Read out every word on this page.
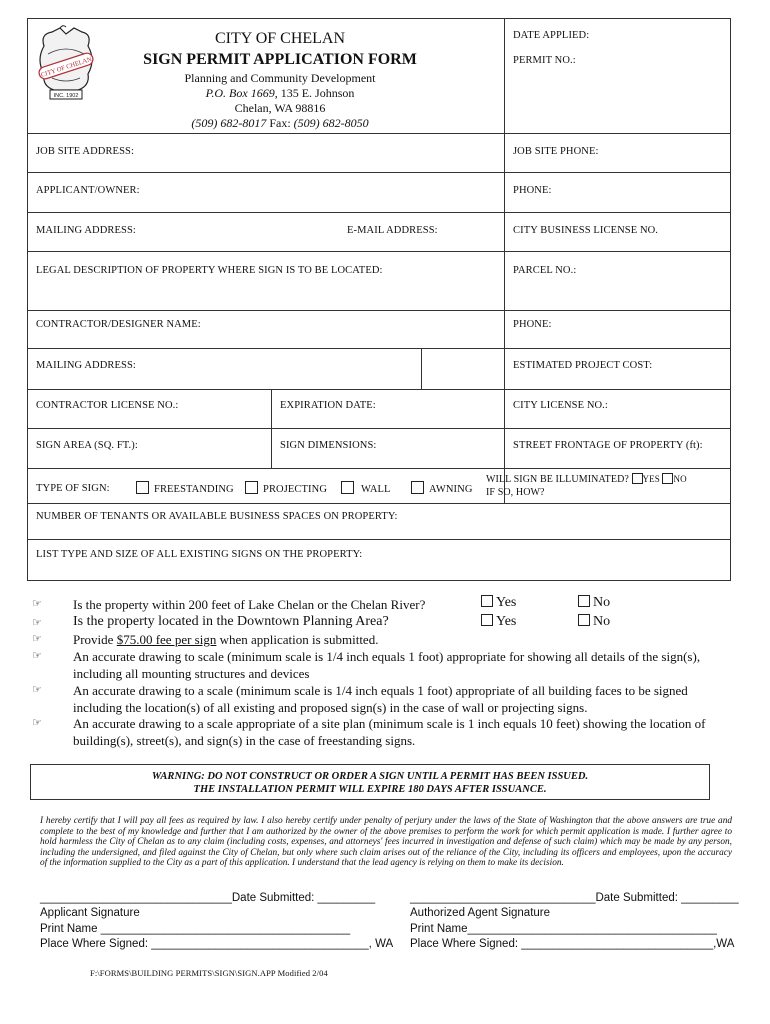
CITY OF CHELAN
INC. 1902
CITY OF CHELAN
SIGN PERMIT APPLICATION FORM
Planning and Community Development
P.O. Box 1669, 135 E. Johnson
Chelan, WA 98816
(509) 682-8017 Fax: (509) 682-8050
DATE APPLIED:
PERMIT NO.:
JOB SITE ADDRESS:	JOB SITE PHONE:
APPLICANT/OWNER:	PHONE:
MAILING ADDRESS:	E-MAIL ADDRESS:	CITY BUSINESS LICENSE NO.
LEGAL DESCRIPTION OF PROPERTY WHERE SIGN IS TO BE LOCATED:	PARCEL NO.:
CONTRACTOR/DESIGNER NAME:	PHONE:
MAILING ADDRESS:	ESTIMATED PROJECT COST:
CONTRACTOR LICENSE NO.:	EXPIRATION DATE:	CITY LICENSE NO.:
SIGN AREA (SQ. FT.):	SIGN DIMENSIONS:	STREET FRONTAGE OF PROPERTY (ft):
TYPE OF SIGN:	FREESTANDING	PROJECTING	WALL	AWNING
WILL SIGN BE ILLUMINATED? YES NO
IF SO, HOW?
NUMBER OF TENANTS OR AVAILABLE BUSINESS SPACES ON PROPERTY:
LIST TYPE AND SIZE OF ALL EXISTING SIGNS ON THE PROPERTY:
☞ Is the property within 200 feet of Lake Chelan or the Chelan River?	Yes	No
☞ Is the property located in the Downtown Planning Area?	Yes	No
☞ Provide $75.00 fee per sign when application is submitted.
☞ An accurate drawing to scale (minimum scale is 1/4 inch equals 1 foot) appropriate for showing all details of the sign(s),
including all mounting structures and devices
☞ An accurate drawing to a scale (minimum scale is 1/4 inch equals 1 foot) appropriate of all building faces to be signed
including the location(s) of all existing and proposed sign(s) in the case of wall or projecting signs.
☞ An accurate drawing to a scale appropriate of a site plan (minimum scale is 1 inch equals 10 feet) showing the location of
building(s), street(s), and sign(s) in the case of freestanding signs.
WARNING: DO NOT CONSTRUCT OR ORDER A SIGN UNTIL A PERMIT HAS BEEN ISSUED.
THE INSTALLATION PERMIT WILL EXPIRE 180 DAYS AFTER ISSUANCE.
I hereby certify that I will pay all fees as required by law. I also hereby certify under penalty of perjury under the laws of the State of Washington that the above answers are true and complete to the best of my knowledge and further that I am authorized by the owner of the above premises to perform the work for which permit application is made. I further agree to hold harmless the City of Chelan as to any claim (including costs, expenses, and attorneys' fees incurred in investigation and defense of such claim) which may be made by any person, including the undersigned, and filed against the City of Chelan, but only where such claim arises out of the reliance of the City, including its officers and employees, upon the accuracy of the information supplied to the City as a part of this application. I understand that the lead agency is relying on them to make its decision.
______________________________Date Submitted: _________
Applicant Signature
Print Name _______________________________________
Place Where Signed: __________________________________, WA
_____________________________Date Submitted: _________
Authorized Agent Signature
Print Name_______________________________________
Place Where Signed: ______________________________,WA
F:\FORMS\BUILDING PERMITS\SIGN\SIGN.APP Modified 2/04
